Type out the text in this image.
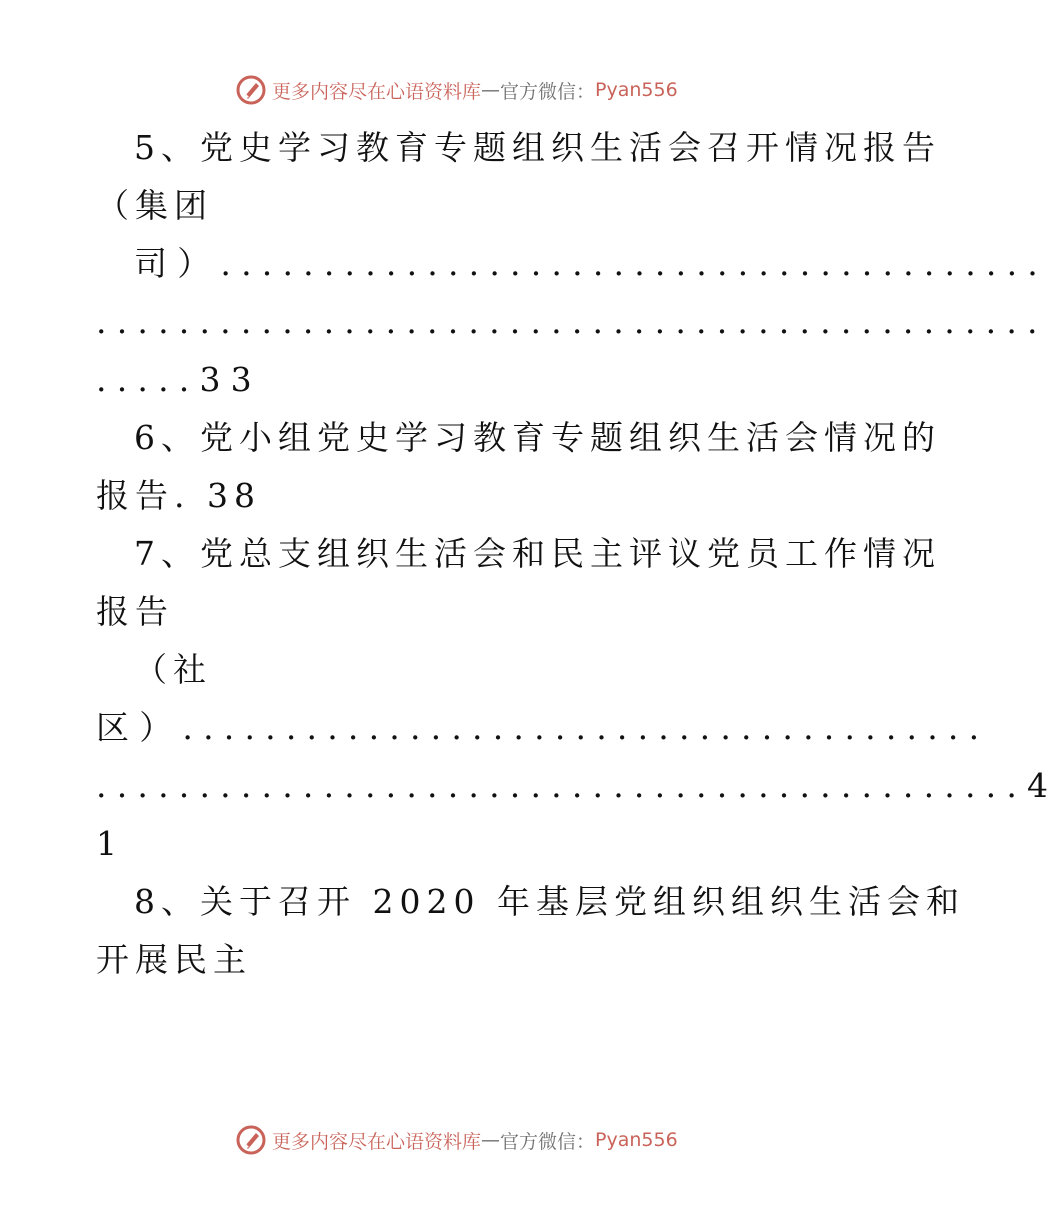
更多内容尽在心语资料库 — 官方微信： Pyan556
5、党史学习教育专题组织生活会召开情况报告
（集团
司）........................................
..............................................
.....33
6、党小组党史学习教育专题组织生活会情况的
报告. 38
7、党总支组织生活会和民主评议党员工作情况
报告
（社
区）.......................................
.............................................4
1
8、关于召开 2020 年基层党组织组织生活会和
开展民主
更多内容尽在心语资料库 — 官方微信： Pyan556
